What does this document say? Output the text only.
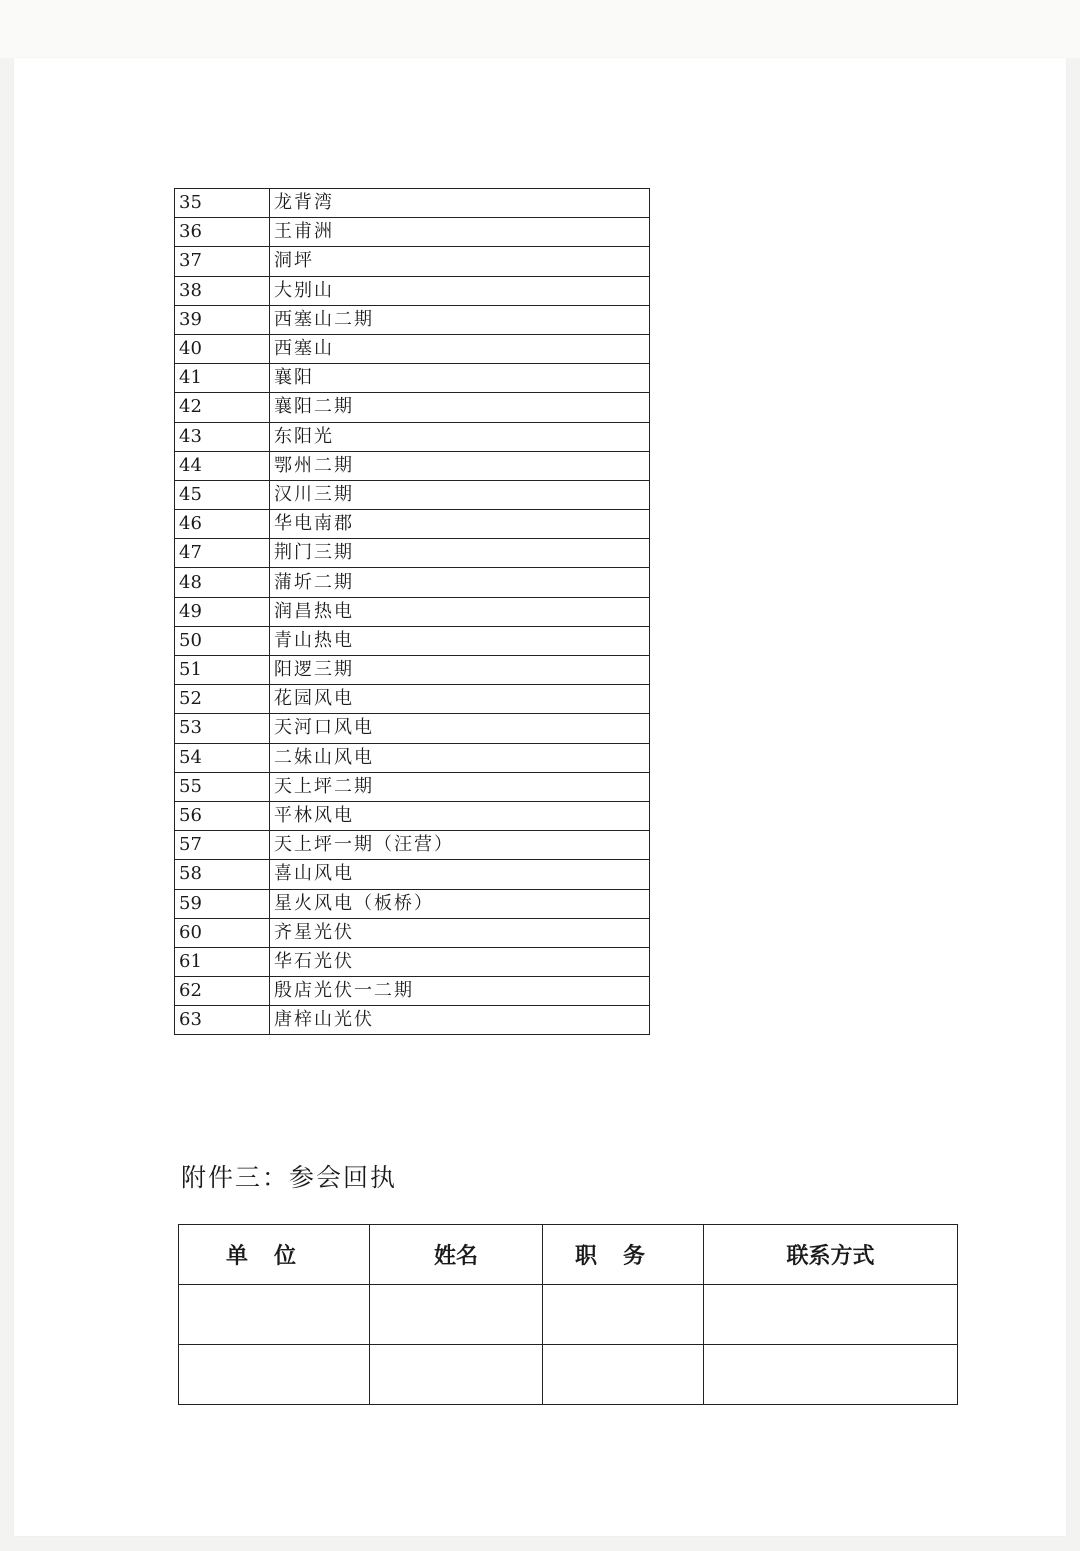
35	龙背湾
36	王甫洲
37	洞坪
38	大别山
39	西塞山二期
40	西塞山
41	襄阳
42	襄阳二期
43	东阳光
44	鄂州二期
45	汉川三期
46	华电南郡
47	荆门三期
48	蒲圻二期
49	润昌热电
50	青山热电
51	阳逻三期
52	花园风电
53	天河口风电
54	二妹山风电
55	天上坪二期
56	平林风电
57	天上坪一期（汪营）
58	喜山风电
59	星火风电（板桥）
60	齐星光伏
61	华石光伏
62	殷店光伏一二期
63	唐梓山光伏
附件三：参会回执
单位	姓名	职务	联系方式
